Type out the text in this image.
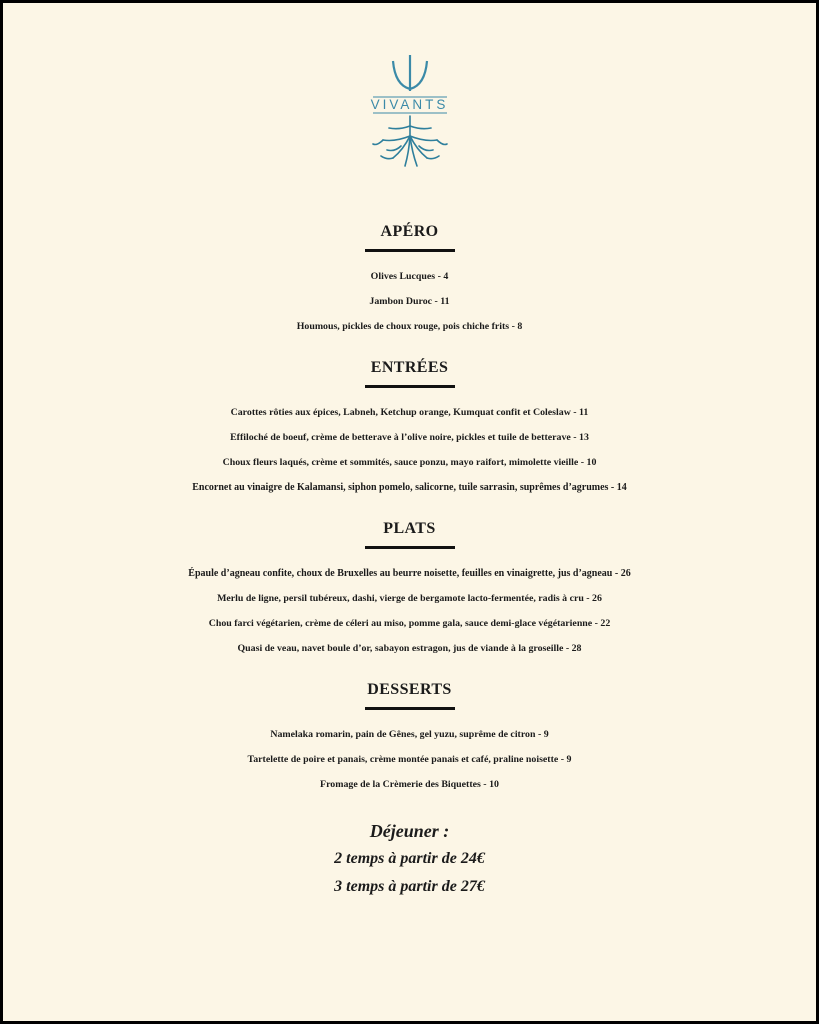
VIVANTS
APÉRO
Olives Lucques - 4
Jambon Duroc - 11
Houmous, pickles de choux rouge, pois chiche frits - 8
ENTRÉES
Carottes rôties aux épices, Labneh, Ketchup orange, Kumquat confit et Coleslaw - 11
Effiloché de boeuf, crème de betterave à l’olive noire, pickles et tuile de betterave - 13
Choux fleurs laqués, crème et sommités, sauce ponzu, mayo raifort, mimolette vieille - 10
Encornet au vinaigre de Kalamansi, siphon pomelo, salicorne, tuile sarrasin, suprêmes d’agrumes - 14
PLATS
Épaule d’agneau confite, choux de Bruxelles au beurre noisette, feuilles en vinaigrette, jus d’agneau - 26
Merlu de ligne, persil tubéreux, dashi, vierge de bergamote lacto-fermentée, radis à cru - 26
Chou farci végétarien, crème de céleri au miso, pomme gala, sauce demi-glace végétarienne - 22
Quasi de veau, navet boule d’or, sabayon estragon, jus de viande à la groseille - 28
DESSERTS
Namelaka romarin, pain de Gênes, gel yuzu, suprême de citron - 9
Tartelette de poire et panais, crème montée panais et café, praline noisette - 9
Fromage de la Crèmerie des Biquettes - 10
Déjeuner :
2 temps à partir de 24€
3 temps à partir de 27€
